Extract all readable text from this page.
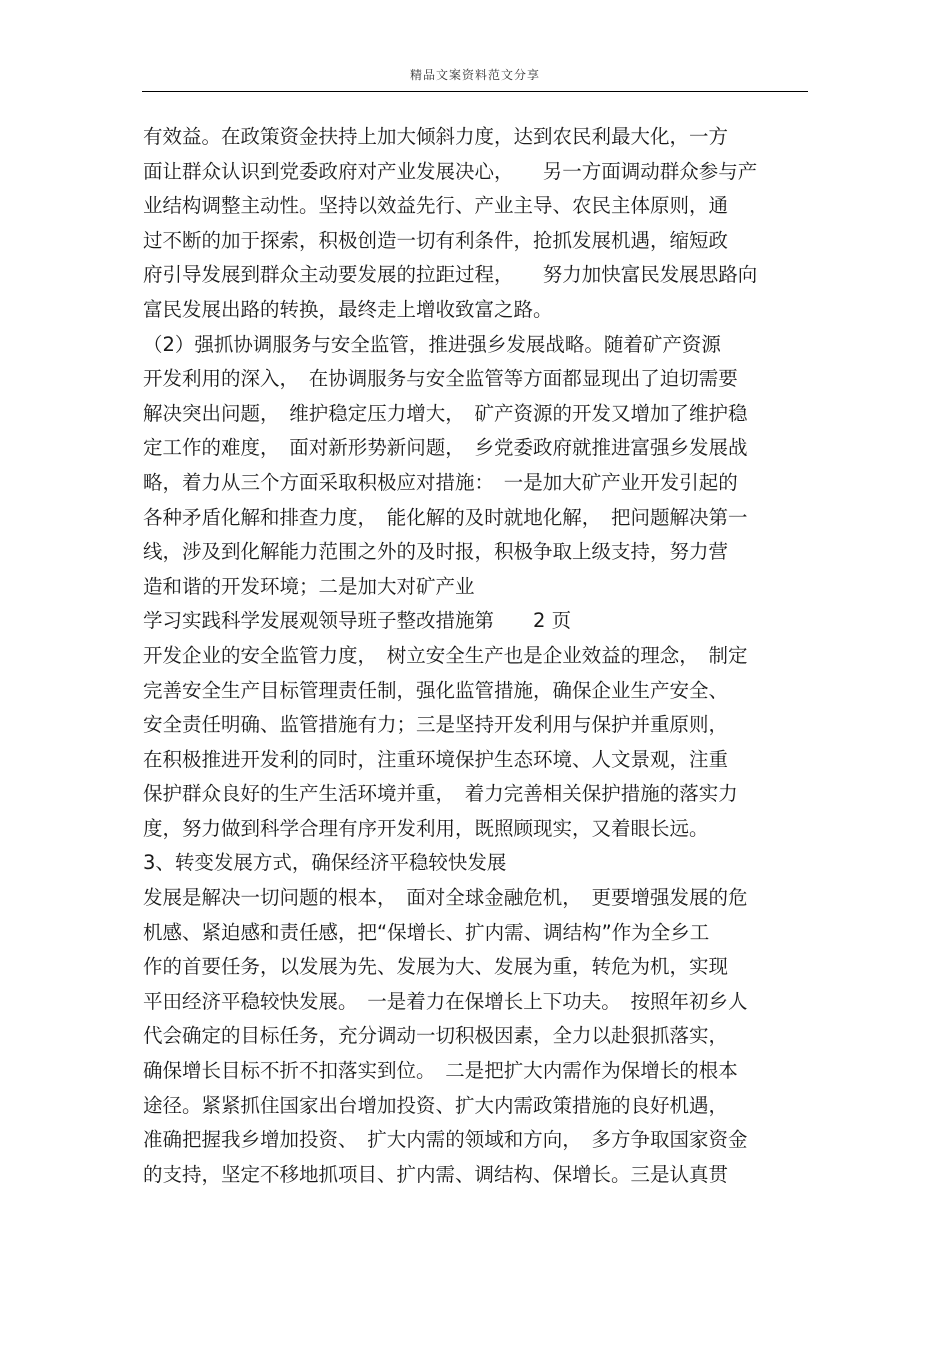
精品文案资料范文分享
有效益。在政策资金扶持上加大倾斜力度，达到农民利最大化，一方
面让群众认识到党委政府对产业发展决心，　　另一方面调动群众参与产
业结构调整主动性。坚持以效益先行、产业主导、农民主体原则，通
过不断的加于探索，积极创造一切有利条件，抢抓发展机遇，缩短政
府引导发展到群众主动要发展的拉距过程，　　努力加快富民发展思路向
富民发展出路的转换，最终走上增收致富之路。
（2）强抓协调服务与安全监管，推进强乡发展战略。随着矿产资源
开发利用的深入，　在协调服务与安全监管等方面都显现出了迫切需要
解决突出问题，　维护稳定压力增大，　矿产资源的开发又增加了维护稳
定工作的难度，　面对新形势新问题，　乡党委政府就推进富强乡发展战
略，着力从三个方面采取积极应对措施：　一是加大矿产业开发引起的
各种矛盾化解和排查力度，　能化解的及时就地化解，　把问题解决第一
线，涉及到化解能力范围之外的及时报，积极争取上级支持，努力营
造和谐的开发环境；二是加大对矿产业
学习实践科学发展观领导班子整改措施第　　2 页
开发企业的安全监管力度，　树立安全生产也是企业效益的理念，　制定
完善安全生产目标管理责任制，强化监管措施，确保企业生产安全、
安全责任明确、监管措施有力；三是坚持开发利用与保护并重原则，
在积极推进开发利的同时，注重环境保护生态环境、人文景观，注重
保护群众良好的生产生活环境并重，　着力完善相关保护措施的落实力
度，努力做到科学合理有序开发利用，既照顾现实，又着眼长远。
3、转变发展方式，确保经济平稳较快发展
发展是解决一切问题的根本，　面对全球金融危机，　更要增强发展的危
机感、紧迫感和责任感，把“保增长、扩内需、调结构”作为全乡工
作的首要任务，以发展为先、发展为大、发展为重，转危为机，实现
平田经济平稳较快发展。　一是着力在保增长上下功夫。　按照年初乡人
代会确定的目标任务，充分调动一切积极因素，全力以赴狠抓落实，
确保增长目标不折不扣落实到位。　二是把扩大内需作为保增长的根本
途径。紧紧抓住国家出台增加投资、扩大内需政策措施的良好机遇，
准确把握我乡增加投资、　扩大内需的领域和方向，　多方争取国家资金
的支持，坚定不移地抓项目、扩内需、调结构、保增长。三是认真贯
